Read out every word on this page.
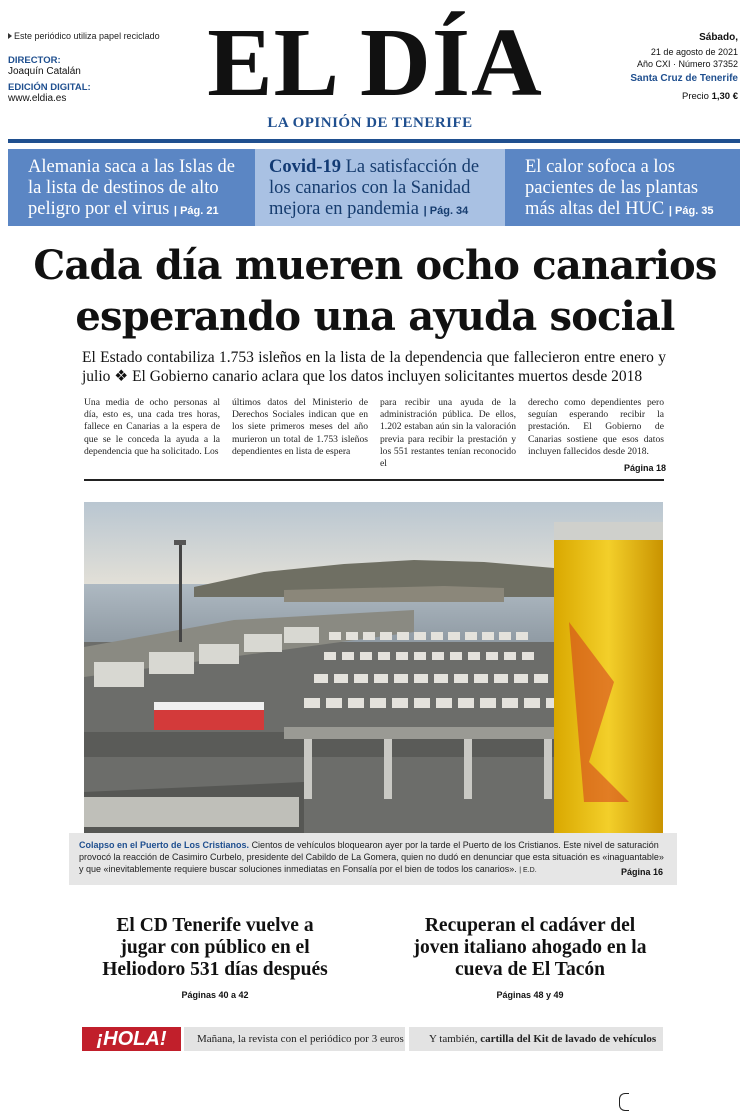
Este periódico utiliza papel reciclado
DIRECTOR:
Joaquín Catalán
EDICIÓN DIGITAL:
www.eldia.es	EL DÍA
LA OPINIÓN DE TENERIFE
Sábado,
21 de agosto de 2021
Año CXI · Número 37352
Santa Cruz de Tenerife
Precio 1,30 €
Alemania saca a las Islas de la lista de destinos de alto peligro por el virus | Pág. 21
Covid-19 La satisfacción de los canarios con la Sanidad mejora en pandemia | Pág. 34
El calor sofoca a los pacientes de las plantas más altas del HUC | Pág. 35
Cada día mueren ocho canarios
esperando una ayuda social
El Estado contabiliza 1.753 isleños en la lista de la dependencia que fallecieron entre enero y julio ❖ El Gobierno canario aclara que los datos incluyen solicitantes muertos desde 2018
Una media de ocho personas al día, esto es, una cada tres horas, fallece en Canarias a la espera de que se le conceda la ayuda a la dependencia que ha solicitado. Los
últimos datos del Ministerio de Derechos Sociales indican que en los siete primeros meses del año murieron un total de 1.753 isleños dependientes en lista de espera
para recibir una ayuda de la administración pública. De ellos, 1.202 estaban aún sin la valoración previa para recibir la prestación y los 551 restantes tenían reconocido el
derecho como dependientes pero seguían esperando recibir la prestación. El Gobierno de Canarias sostiene que esos datos incluyen fallecidos desde 2018.
Página 18
Colapso en el Puerto de Los Cristianos. Cientos de vehículos bloquearon ayer por la tarde el Puerto de los Cristianos. Este nivel de saturación provocó la reacción de Casimiro Curbelo, presidente del Cabildo de La Gomera, quien no dudó en denunciar que esta situación es «inaguantable» y que «inevitablemente requiere buscar soluciones inmediatas en Fonsalía por el bien de todos los canarios». | E.D.	Página 16
El CD Tenerife vuelve a jugar con público en el Heliodoro 531 días después
Páginas 40 a 42
Recuperan el cadáver del joven italiano ahogado en la cueva de El Tacón
Páginas 48 y 49
¡HOLA!	Mañana, la revista con el periódico por 3 euros	Y también, cartilla del Kit de lavado de vehículos
